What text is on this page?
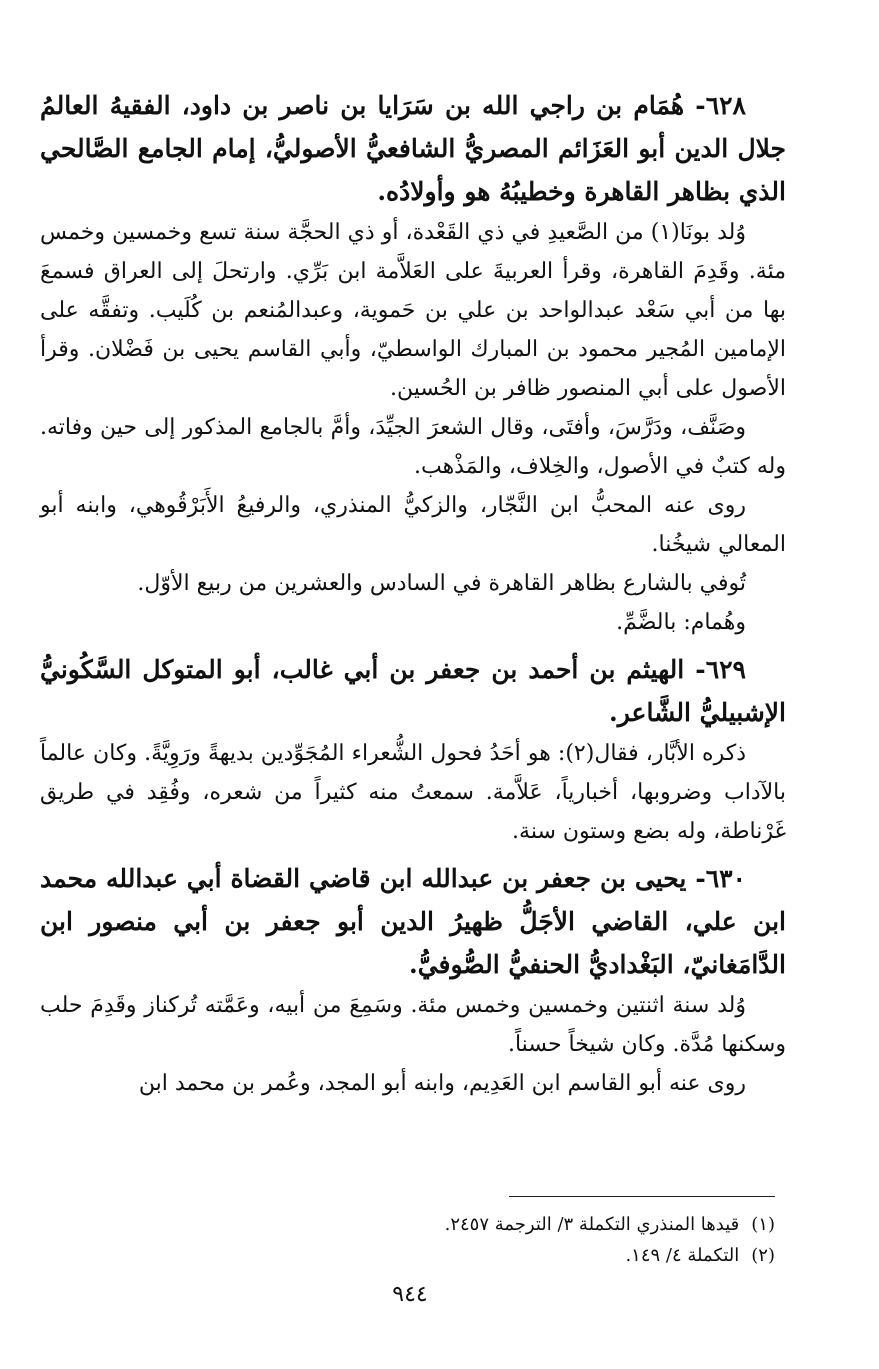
٦٢٨- هُمَام بن راجي الله بن سَرَايا بن ناصر بن داود، الفقيهُ العالمُ جلال الدين أبو العَزَائم المصريُّ الشافعيُّ الأصوليُّ، إمام الجامع الصَّالحي الذي بظاهر القاهرة وخطيبُهُ هو وأولادُه.

وُلد بونَا(١) من الصَّعيدِ في ذي القَعْدة، أو ذي الحجَّة سنة تسع وخمسين وخمس مئة. وقَدِمَ القاهرة، وقرأ العربيةَ على العَلاَّمة ابن بَرِّي. وارتحلَ إلى العراق فسمعَ بها من أبي سَعْد عبدالواحد بن علي بن حَموية، وعبدالمُنعم بن كُلَيب. وتفقَّه على الإمامين المُجير محمود بن المبارك الواسطيّ، وأبي القاسم يحيى بن فَضْلان. وقرأ الأصول على أبي المنصور ظافر بن الحُسين.

وصَنَّف، ودَرَّسَ، وأفتَى، وقال الشعرَ الجيِّدَ، وأمَّ بالجامع المذكور إلى حين وفاته. وله كتبٌ في الأصول، والخِلاف، والمَذْهب.

روى عنه المحبُّ ابن النَّجّار، والزكيُّ المنذري، والرفيعُ الأَبَرْقُوهي، وابنه أبو المعالي شيخُنا.

تُوفي بالشارع بظاهر القاهرة في السادس والعشرين من ربيع الأوّل.

وهُمام: بالضَّمِّ.

٦٢٩- الهيثم بن أحمد بن جعفر بن أبي غالب، أبو المتوكل السَّكُونيُّ الإشبيليُّ الشَّاعر.

ذكره الأبَّار، فقال(٢): هو أحَدُ فحول الشُّعراء المُجَوِّدين بديهةً ورَوِيَّةً. وكان عالماً بالآداب وضروبها، أخبارياً، عَلاَّمة. سمعتُ منه كثيراً من شعره، وفُقِد في طريق غَرْناطة، وله بضع وستون سنة.

٦٣٠- يحيى بن جعفر بن عبدالله ابن قاضي القضاة أبي عبدالله محمد ابن علي، القاضي الأجَلُّ ظهيرُ الدين أبو جعفر بن أبي منصور ابن الدَّامَغانيّ، البَغْداديُّ الحنفيُّ الصُّوفيُّ.

وُلد سنة اثنتين وخمسين وخمس مئة. وسَمِعَ من أبيه، وعَمَّته تُركناز وقَدِمَ حلب وسكنها مُدَّة. وكان شيخاً حسناً.

روى عنه أبو القاسم ابن العَدِيم، وابنه أبو المجد، وعُمر بن محمد ابن

(١)قيدها المنذري التكملة ٣/ الترجمة ٢٤٥٧.

(٢)التكملة ٤/ ١٤٩.

٩٤٤
